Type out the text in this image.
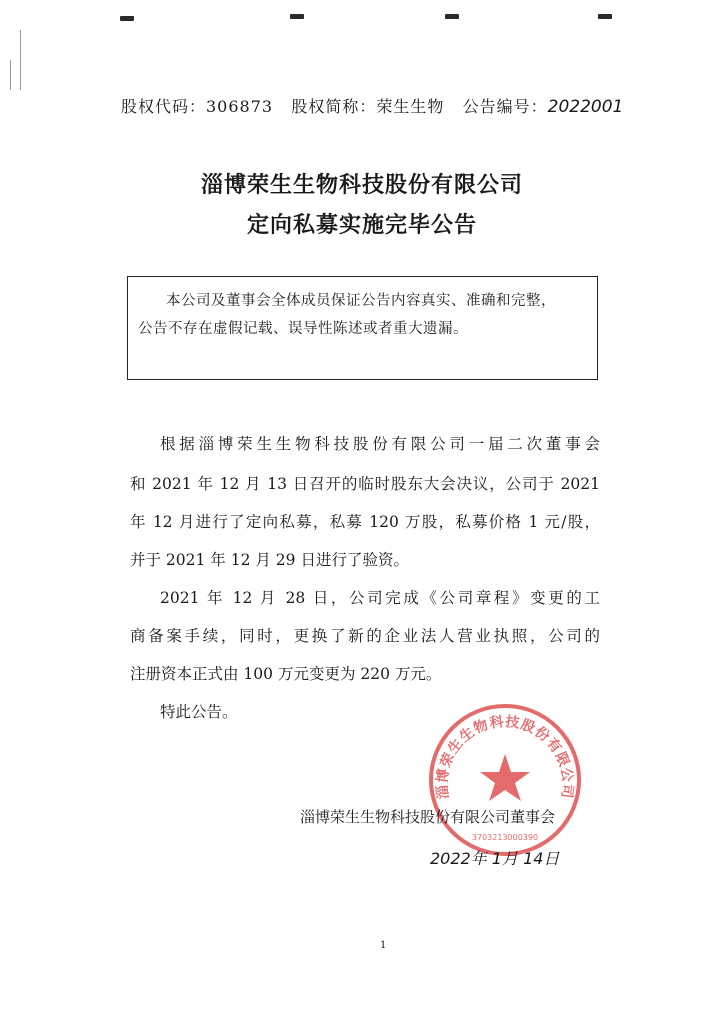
股权代码：306873 股权简称：荣生生物 公告编号：2022001
淄博荣生生物科技股份有限公司
定向私募实施完毕公告
本公司及董事会全体成员保证公告内容真实、准确和完整，
公告不存在虚假记载、误导性陈述或者重大遗漏。
根据淄博荣生生物科技股份有限公司一届二次董事会
和 2021 年 12 月 13 日召开的临时股东大会决议，公司于 2021
年 12 月进行了定向私募，私募 120 万股，私募价格 1 元/股，
并于 2021 年 12 月 29 日进行了验资。
2021 年 12 月 28 日，公司完成《公司章程》变更的工
商备案手续，同时，更换了新的企业法人营业执照，公司的
注册资本正式由 100 万元变更为 220 万元。
特此公告。
淄博荣生生物科技股份有限公司
3703213000390
淄博荣生生物科技股份有限公司董事会
2022年 1月 14日
1
